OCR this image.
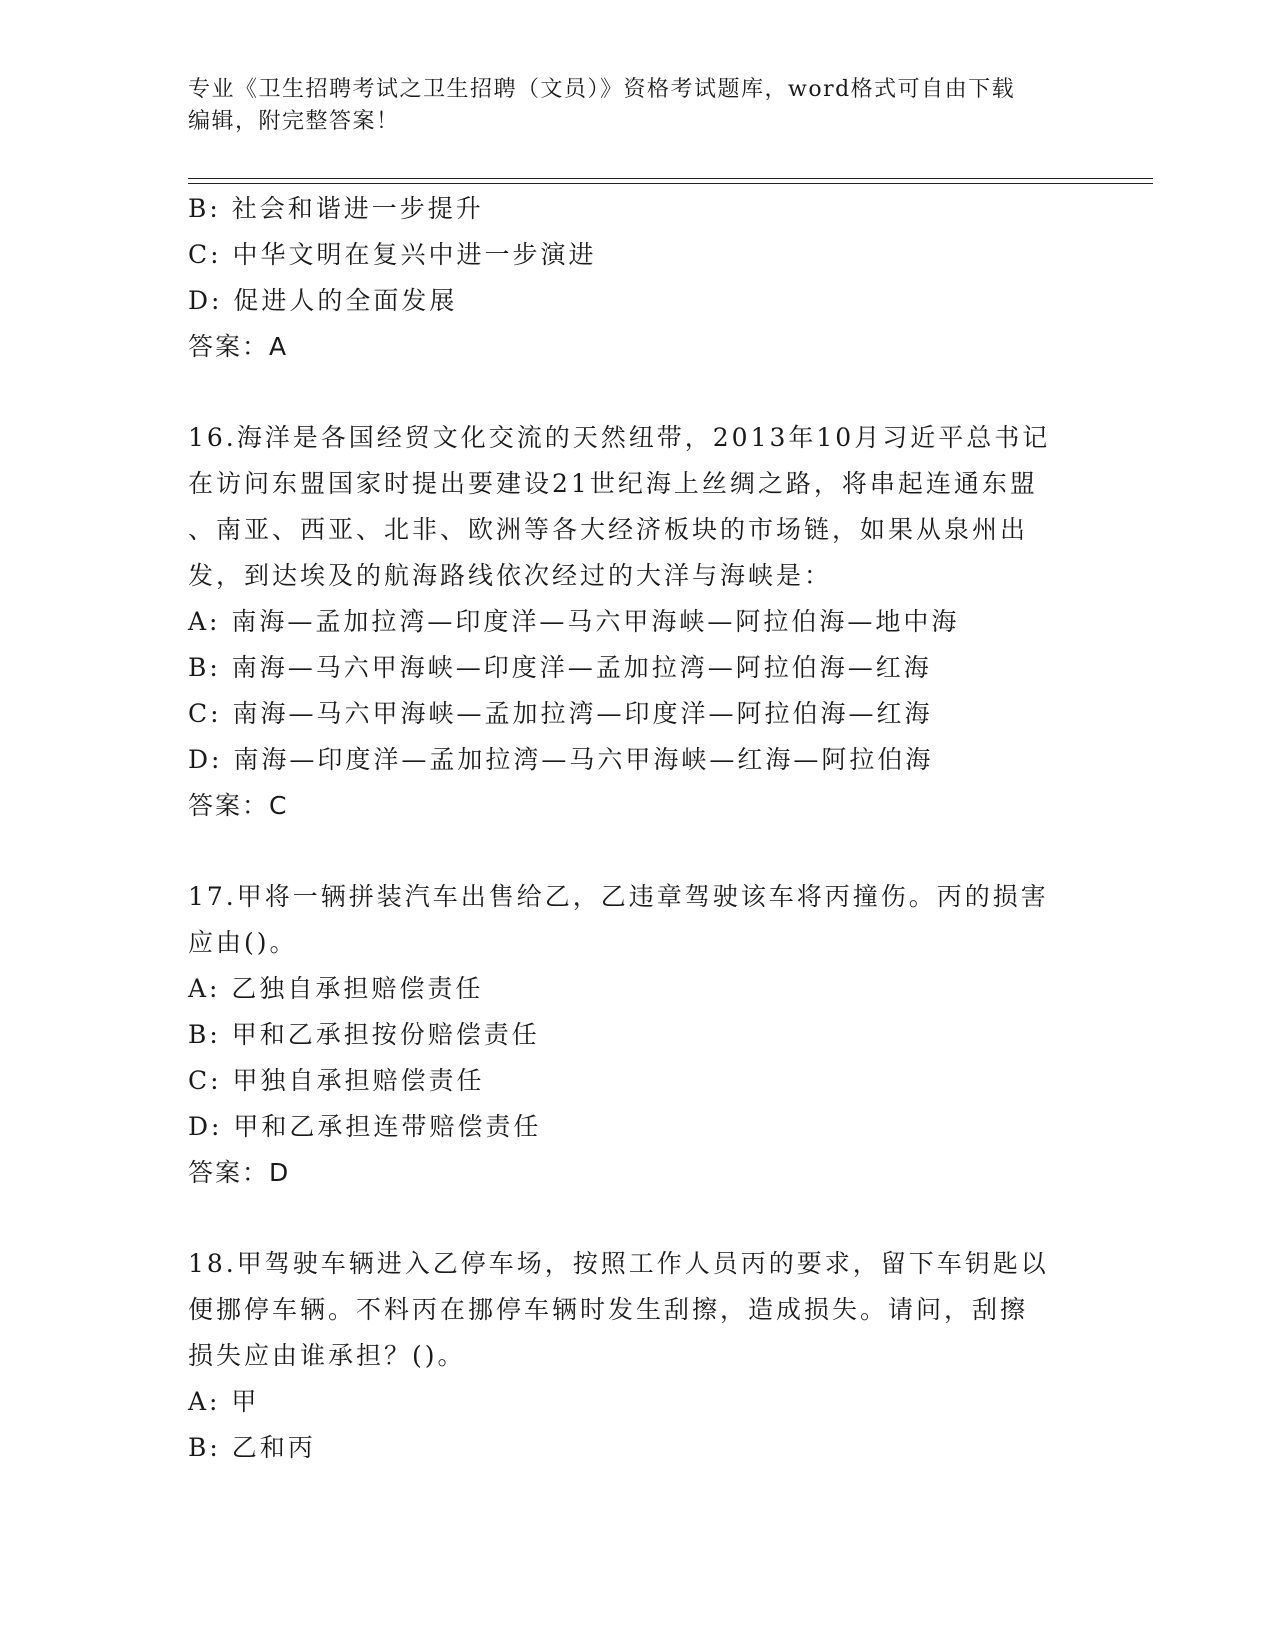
专业《卫生招聘考试之卫生招聘（文员）》资格考试题库，word格式可自由下载
编辑，附完整答案！
B: 社会和谐进一步提升
C: 中华文明在复兴中进一步演进
D: 促进人的全面发展
答案：A
16.海洋是各国经贸文化交流的天然纽带，2013年10月习近平总书记
在访问东盟国家时提出要建设21世纪海上丝绸之路，将串起连通东盟
、南亚、西亚、北非、欧洲等各大经济板块的市场链，如果从泉州出
发，到达埃及的航海路线依次经过的大洋与海峡是：
A: 南海—孟加拉湾—印度洋—马六甲海峡—阿拉伯海—地中海
B: 南海—马六甲海峡—印度洋—孟加拉湾—阿拉伯海—红海
C: 南海—马六甲海峡—孟加拉湾—印度洋—阿拉伯海—红海
D: 南海—印度洋—孟加拉湾—马六甲海峡—红海—阿拉伯海
答案：C
17.甲将一辆拼装汽车出售给乙，乙违章驾驶该车将丙撞伤。丙的损害
应由()。
A: 乙独自承担赔偿责任
B: 甲和乙承担按份赔偿责任
C: 甲独自承担赔偿责任
D: 甲和乙承担连带赔偿责任
答案：D
18.甲驾驶车辆进入乙停车场，按照工作人员丙的要求，留下车钥匙以
便挪停车辆。不料丙在挪停车辆时发生刮擦，造成损失。请问，刮擦
损失应由谁承担？()。
A: 甲
B: 乙和丙
